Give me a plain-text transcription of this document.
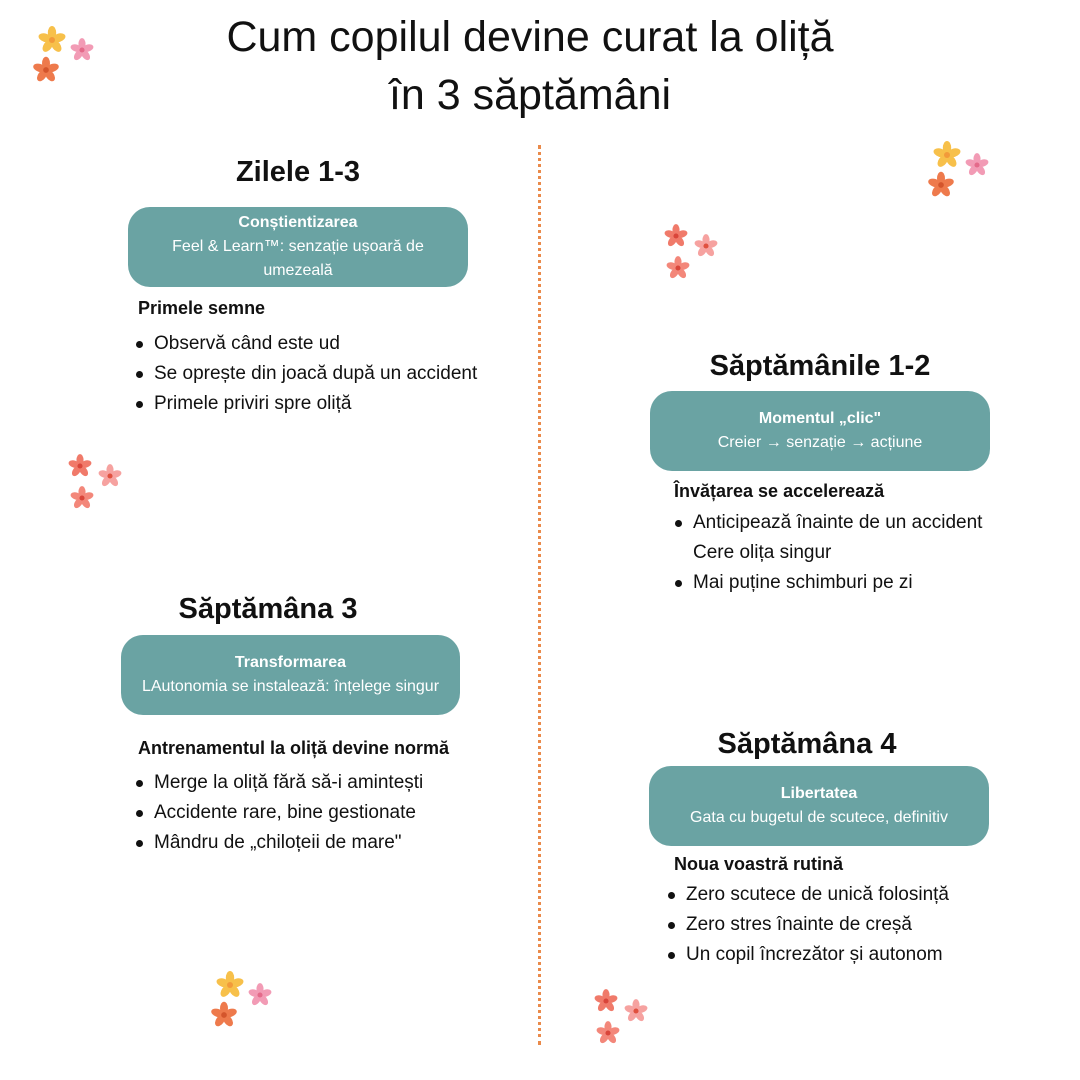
Cum copilul devine curat la oliță
în 3 săptămâni
Zilele 1-3
Conștientizarea
Feel & Learn™: senzație ușoară de umezeală
Primele semne
Observă când este ud
Se oprește din joacă după un accident
Primele priviri spre oliță
Săptămânile 1-2
Momentul „clic"
Creier → senzație → acțiune
Învățarea se accelerează
Anticipează înainte de un accident
Cere olița singur
Mai puține schimburi pe zi
Săptămâna 3
Transformarea
LAutonomia se instalează: înțelege singur
Antrenamentul la oliță devine normă
Merge la oliță fără să-i amintești
Accidente rare, bine gestionate
Mândru de „chiloțeii de mare"
Săptămâna 4
Libertatea
Gata cu bugetul de scutece, definitiv
Noua voastră rutină
Zero scutece de unică folosință
Zero stres înainte de creșă
Un copil încrezător și autonom
